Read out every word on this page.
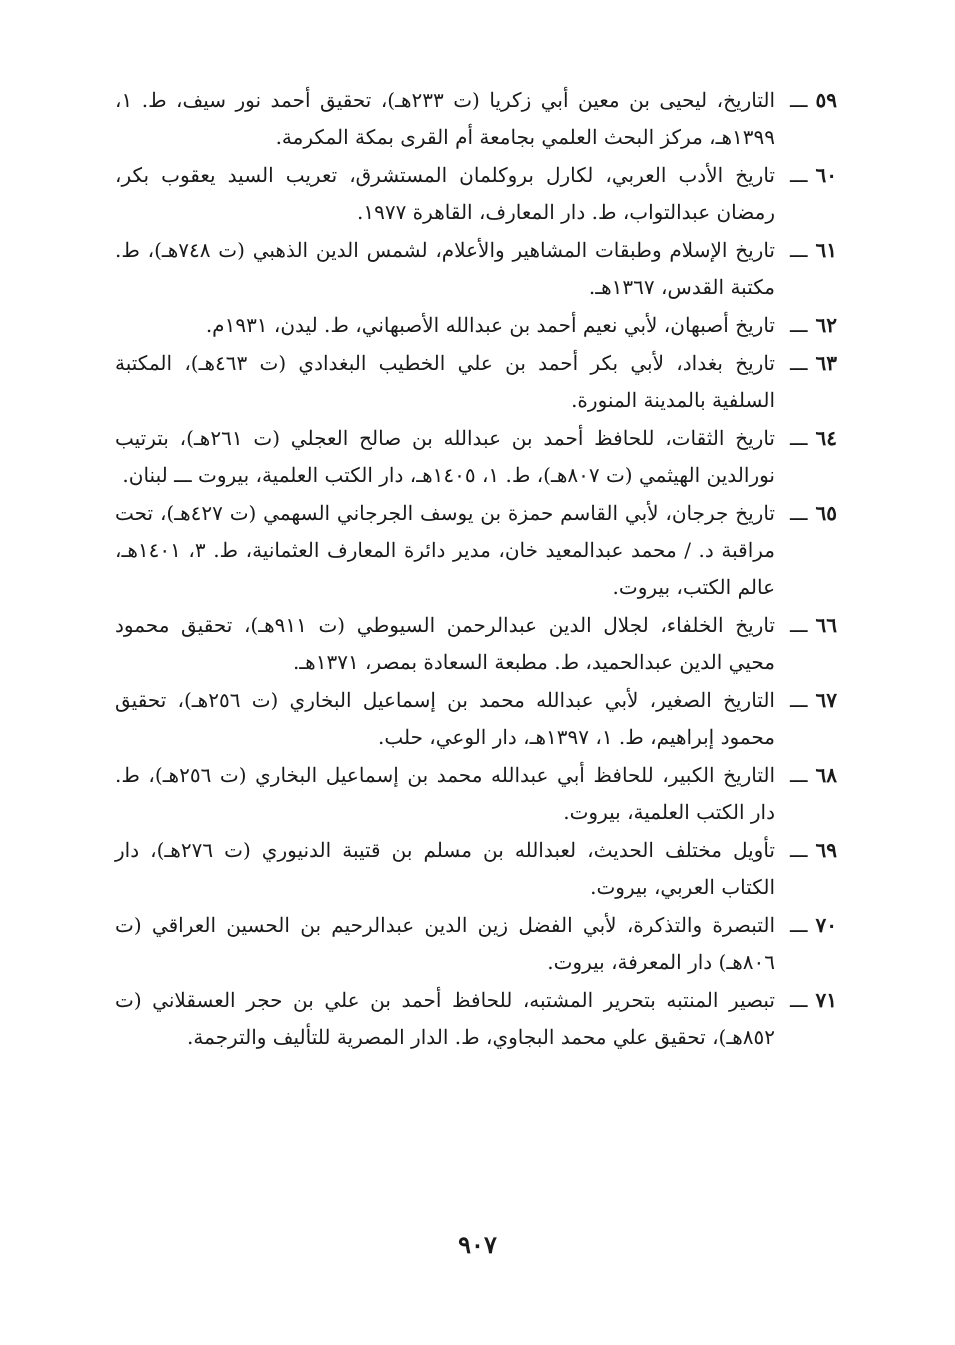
٥٩ـــ
التاريخ، ليحيى بن معين أبي زكريا (ت ٢٣٣هـ)، تحقيق أحمد نور سيف، ط. ١، ١٣٩٩هـ، مركز البحث العلمي بجامعة أم القرى بمكة المكرمة.
٦٠ـــ
تاريخ الأدب العربي، لكارل بروكلمان المستشرق، تعريب السيد يعقوب بكر، رمضان عبدالتواب، ط. دار المعارف، القاهرة ١٩٧٧.
٦١ـــ
تاريخ الإسلام وطبقات المشاهير والأعلام، لشمس الدين الذهبي (ت ٧٤٨هـ)، ط. مكتبة القدس، ١٣٦٧هـ.
٦٢ـــ
تاريخ أصبهان، لأبي نعيم أحمد بن عبدالله الأصبهاني، ط. ليدن، ١٩٣١م.
٦٣ـــ
تاريخ بغداد، لأبي بكر أحمد بن علي الخطيب البغدادي (ت ٤٦٣هـ)، المكتبة السلفية بالمدينة المنورة.
٦٤ـــ
تاريخ الثقات، للحافظ أحمد بن عبدالله بن صالح العجلي (ت ٢٦١هـ)، بترتيب نورالدين الهيثمي (ت ٨٠٧هـ)، ط. ١، ١٤٠٥هـ، دار الكتب العلمية، بيروت ـــ لبنان.
٦٥ـــ
تاريخ جرجان، لأبي القاسم حمزة بن يوسف الجرجاني السهمي (ت ٤٢٧هـ)، تحت مراقبة د. / محمد عبدالمعيد خان، مدير دائرة المعارف العثمانية، ط. ٣، ١٤٠١هـ، عالم الكتب، بيروت.
٦٦ـــ
تاريخ الخلفاء، لجلال الدين عبدالرحمن السيوطي (ت ٩١١هـ)، تحقيق محمود محيي الدين عبدالحميد، ط. مطبعة السعادة بمصر، ١٣٧١هـ.
٦٧ـــ
التاريخ الصغير، لأبي عبدالله محمد بن إسماعيل البخاري (ت ٢٥٦هـ)، تحقيق محمود إبراهيم، ط. ١، ١٣٩٧هـ، دار الوعي، حلب.
٦٨ـــ
التاريخ الكبير، للحافظ أبي عبدالله محمد بن إسماعيل البخاري (ت ٢٥٦هـ)، ط. دار الكتب العلمية، بيروت.
٦٩ـــ
تأويل مختلف الحديث، لعبدالله بن مسلم بن قتيبة الدنيوري (ت ٢٧٦هـ)، دار الكتاب العربي، بيروت.
٧٠ـــ
التبصرة والتذكرة، لأبي الفضل زين الدين عبدالرحيم بن الحسين العراقي (ت ٨٠٦هـ) دار المعرفة، بيروت.
٧١ـــ
تبصير المنتبه بتحرير المشتبه، للحافظ أحمد بن علي بن حجر العسقلاني (ت ٨٥٢هـ)، تحقيق علي محمد البجاوي، ط. الدار المصرية للتأليف والترجمة.
٩٠٧
